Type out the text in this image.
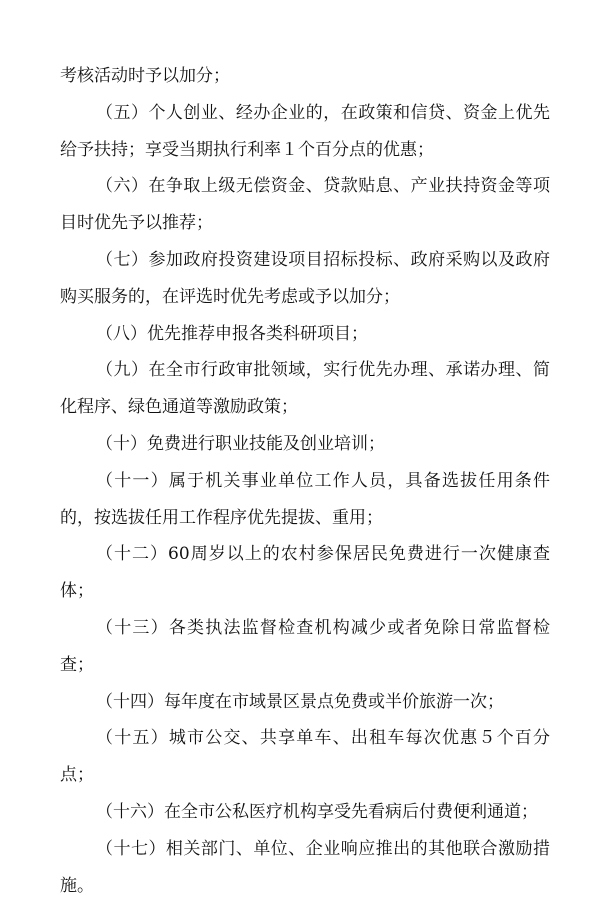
考核活动时予以加分；

（五）个人创业、经办企业的，在政策和信贷、资金上优先给予扶持；享受当期执行利率１个百分点的优惠；

（六）在争取上级无偿资金、贷款贴息、产业扶持资金等项目时优先予以推荐；

（七）参加政府投资建设项目招标投标、政府采购以及政府购买服务的，在评选时优先考虑或予以加分；

（八）优先推荐申报各类科研项目；

（九）在全市行政审批领域，实行优先办理、承诺办理、简化程序、绿色通道等激励政策；

（十）免费进行职业技能及创业培训；

（十一）属于机关事业单位工作人员，具备选拔任用条件的，按选拔任用工作程序优先提拔、重用；

（十二）60周岁以上的农村参保居民免费进行一次健康查体；

（十三）各类执法监督检查机构减少或者免除日常监督检查；

（十四）每年度在市域景区景点免费或半价旅游一次；

（十五）城市公交、共享单车、出租车每次优惠５个百分点；

（十六）在全市公私医疗机构享受先看病后付费便利通道；

（十七）相关部门、单位、企业响应推出的其他联合激励措施。
